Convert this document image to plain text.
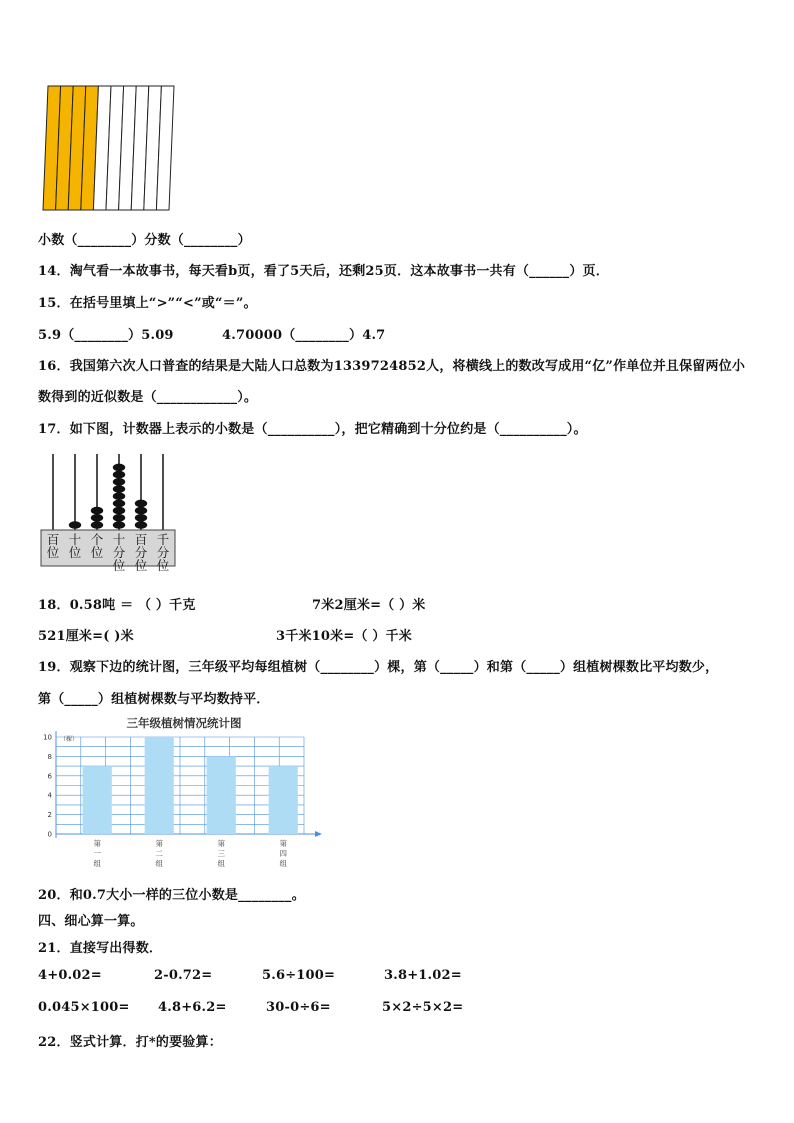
小数（________）分数（________）
14．淘气看一本故事书，每天看b页，看了5天后，还剩25页．这本故事书一共有（______）页．
15．在括号里填上“>”“<”或“＝”。
5.9（________）5.09	4.70000（________）4.7
16．我国第六次人口普查的结果是大陆人口总数为1339724852人，将横线上的数改写成用“亿”作单位并且保留两位小
数得到的近似数是（____________）。
17．如下图，计数器上表示的小数是（__________），把它精确到十分位约是（__________）。
百位
十位
个位
十分位
百分位
千分位
18．0.58吨 ＝ （ ）千克	7米2厘米=（ ）米
521厘米=( )米	3千米10米=（ ）千米
19．观察下边的统计图，三年级平均每组植树（________）棵，第（_____）和第（_____）组植树棵数比平均数少，
第（_____）组植树棵数与平均数持平．
三年级植树情况统计图
（棵）
0
2
4
6
8
10
第一组
第二组
第三组
第四组
20．和0.7大小一样的三位小数是________。
四、细心算一算。
21．直接写出得数．
4+0.02=	2-0.72=	5.6÷100=	3.8+1.02=
0.045×100= 4.8+6.2=	30-0÷6=	5×2÷5×2=
22．竖式计算．打*的要验算：
